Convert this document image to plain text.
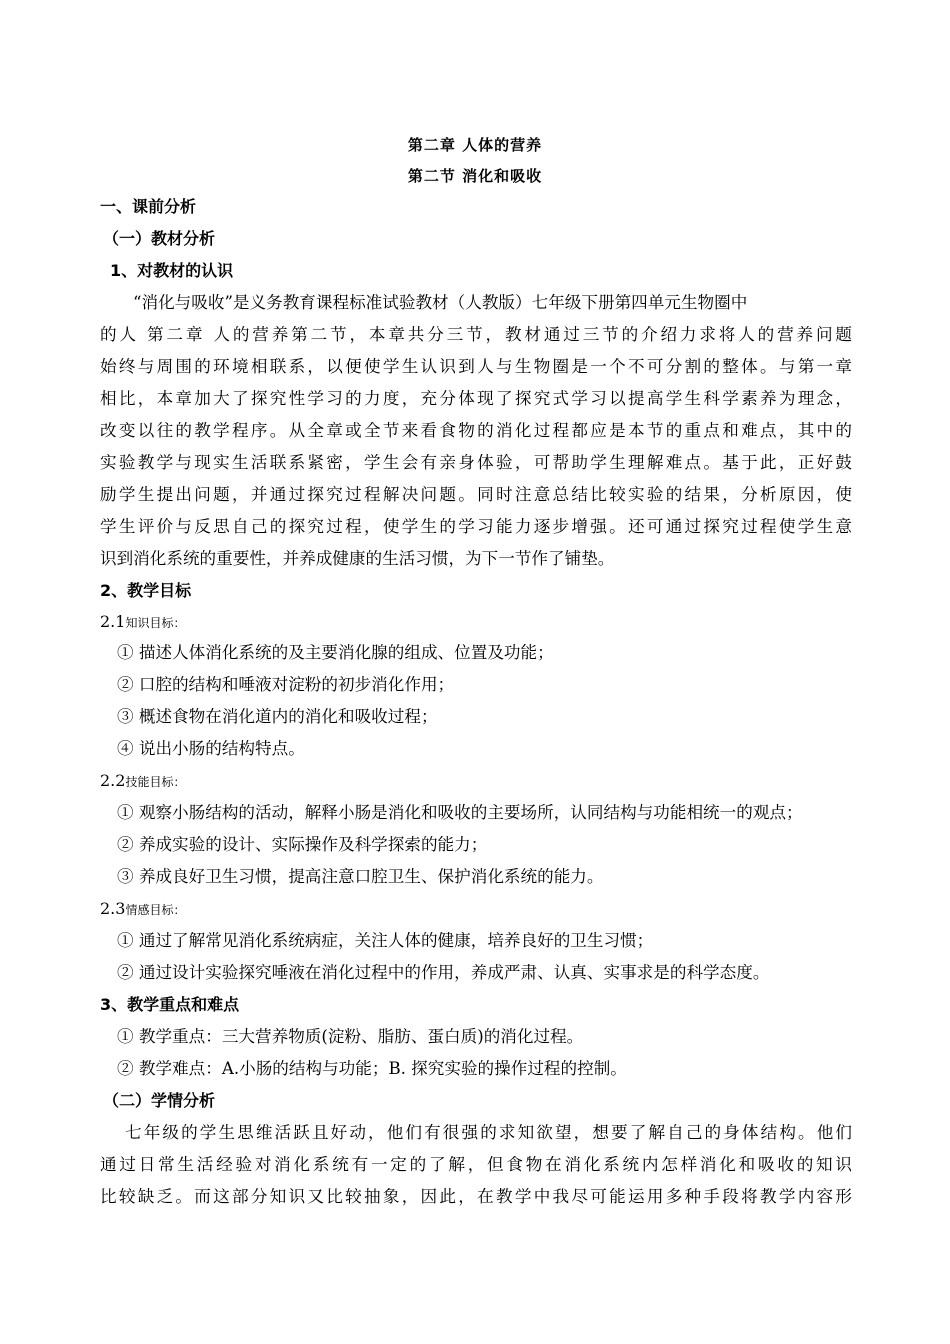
第二章 人体的营养
第二节 消化和吸收
一、课前分析
（一）教材分析
1、对教材的认识
“消化与吸收”是义务教育课程标准试验教材（人教版）七年级下册第四单元生物圈中
的人 第二章 人的营养第二节，本章共分三节，教材通过三节的介绍力求将人的营养问题
始终与周围的环境相联系，以便使学生认识到人与生物圈是一个不可分割的整体。与第一章
相比，本章加大了探究性学习的力度，充分体现了探究式学习以提高学生科学素养为理念，
改变以往的教学程序。从全章或全节来看食物的消化过程都应是本节的重点和难点，其中的
实验教学与现实生活联系紧密，学生会有亲身体验，可帮助学生理解难点。基于此，正好鼓
励学生提出问题，并通过探究过程解决问题。同时注意总结比较实验的结果，分析原因，使
学生评价与反思自己的探究过程，使学生的学习能力逐步增强。还可通过探究过程使学生意
识到消化系统的重要性，并养成健康的生活习惯，为下一节作了铺垫。
2、教学目标
2.1知识目标：
① 描述人体消化系统的及主要消化腺的组成、位置及功能；
② 口腔的结构和唾液对淀粉的初步消化作用；
③ 概述食物在消化道内的消化和吸收过程；
④ 说出小肠的结构特点。
2.2技能目标：
① 观察小肠结构的活动，解释小肠是消化和吸收的主要场所，认同结构与功能相统一的观点；
② 养成实验的设计、实际操作及科学探索的能力；
③ 养成良好卫生习惯，提高注意口腔卫生、保护消化系统的能力。
2.3情感目标：
① 通过了解常见消化系统病症，关注人体的健康，培养良好的卫生习惯；
② 通过设计实验探究唾液在消化过程中的作用，养成严肃、认真、实事求是的科学态度。
3、教学重点和难点
① 教学重点：三大营养物质(淀粉、脂肪、蛋白质)的消化过程。
② 教学难点：A.小肠的结构与功能；B. 探究实验的操作过程的控制。
（二）学情分析
七年级的学生思维活跃且好动，他们有很强的求知欲望，想要了解自己的身体结构。他们
通过日常生活经验对消化系统有一定的了解，但食物在消化系统内怎样消化和吸收的知识
比较缺乏。而这部分知识又比较抽象，因此，在教学中我尽可能运用多种手段将教学内容形
